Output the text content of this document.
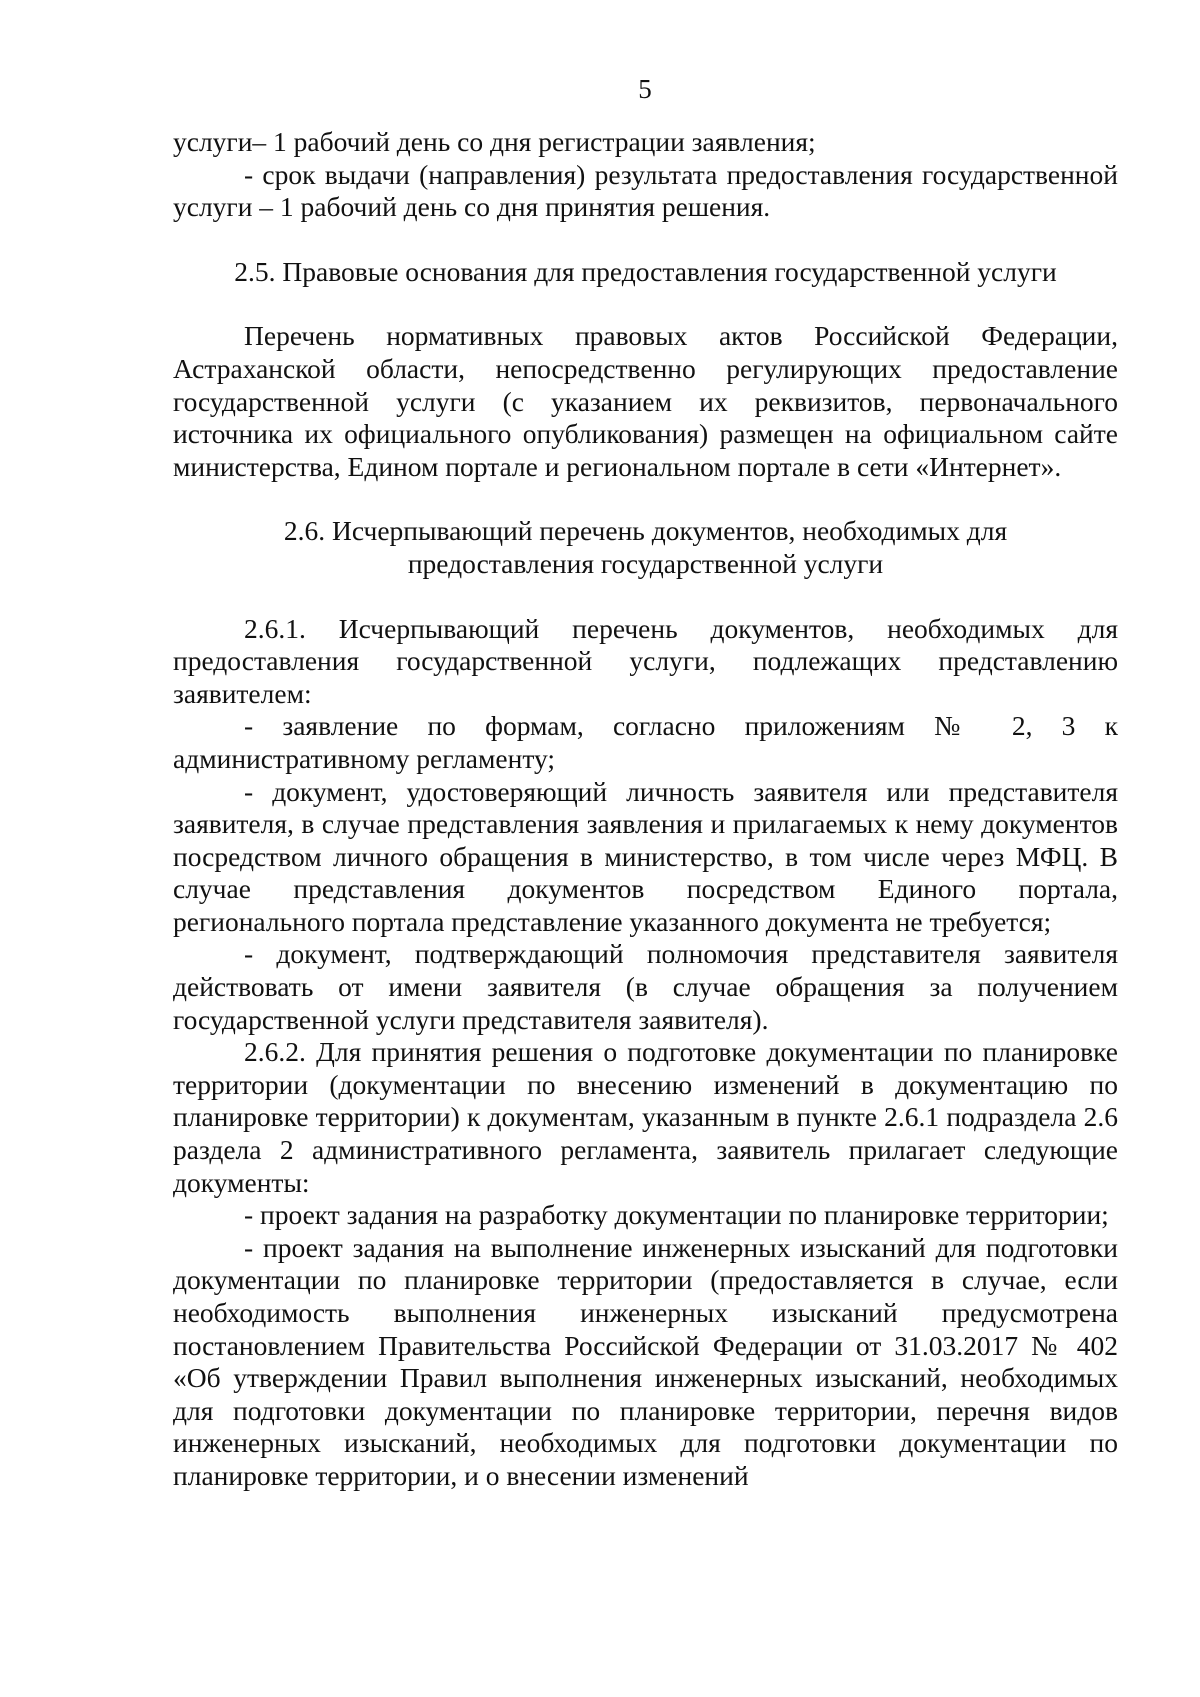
5

услуги– 1 рабочий день со дня регистрации заявления;

- срок выдачи (направления) результата предоставления государственной услуги – 1 рабочий день со дня принятия решения.

2.5. Правовые основания для предоставления государственной услуги

Перечень нормативных правовых актов Российской Федерации, Астраханской области, непосредственно регулирующих предоставление государственной услуги (с указанием их реквизитов, первоначального источника их официального опубликования) размещен на официальном сайте министерства, Едином портале и региональном портале в сети «Интернет».

2.6. Исчерпывающий перечень документов, необходимых для

предоставления государственной услуги

2.6.1. Исчерпывающий перечень документов, необходимых для предоставления государственной услуги, подлежащих представлению заявителем:

- заявление по формам, согласно приложениям № 2, 3 к административному регламенту;

- документ, удостоверяющий личность заявителя или представителя заявителя, в случае представления заявления и прилагаемых к нему документов посредством личного обращения в министерство, в том числе через МФЦ. В случае представления документов посредством Единого портала, регионального портала представление указанного документа не требуется;

- документ, подтверждающий полномочия представителя заявителя действовать от имени заявителя (в случае обращения за получением государственной услуги представителя заявителя).

2.6.2. Для принятия решения о подготовке документации по планировке территории (документации по внесению изменений в документацию по планировке территории) к документам, указанным в пункте 2.6.1 подраздела 2.6 раздела 2 административного регламента, заявитель прилагает следующие документы:

- проект задания на разработку документации по планировке территории;

- проект задания на выполнение инженерных изысканий для подготовки документации по планировке территории (предоставляется в случае, если необходимость выполнения инженерных изысканий предусмотрена постановлением Правительства Российской Федерации от 31.03.2017 № 402 «Об утверждении Правил выполнения инженерных изысканий, необходимых для подготовки документации по планировке территории, перечня видов инженерных изысканий, необходимых для подготовки документации по планировке территории, и о внесении изменений
